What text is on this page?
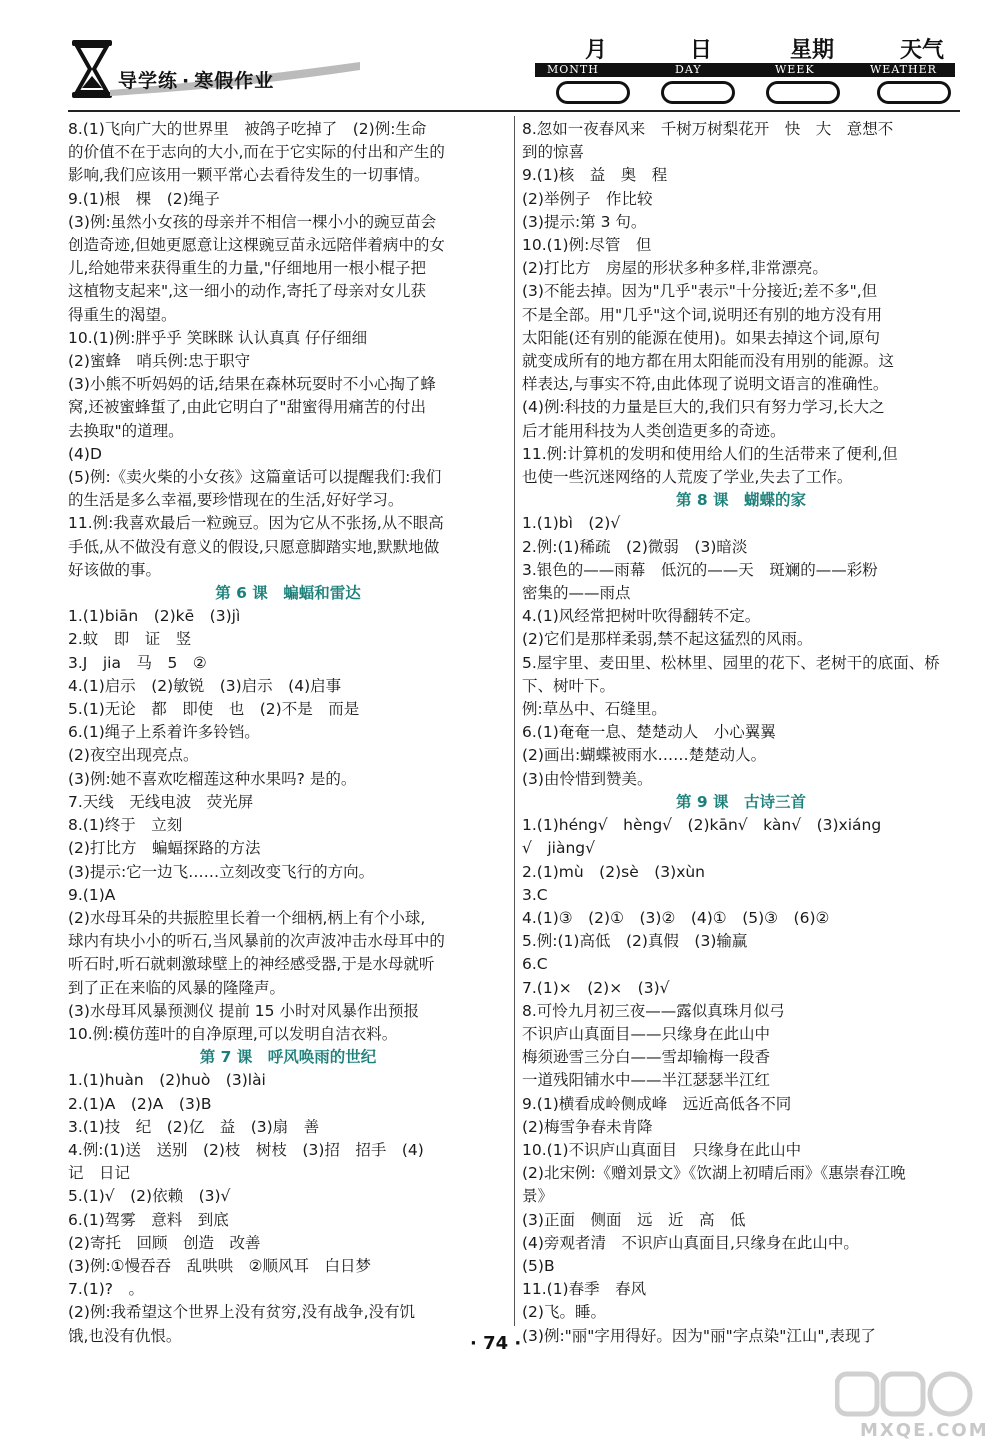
导学练 · 寒假作业
月	日	星期	天气
MONTH	DAY	WEEK	WEATHER
8.(1)飞向广大的世界里　被鸽子吃掉了　(2)例:生命
的价值不在于志向的大小,而在于它实际的付出和产生的
影响,我们应该用一颗平常心去看待发生的一切事情。
9.(1)根　棵　(2)绳子
(3)例:虽然小女孩的母亲并不相信一棵小小的豌豆苗会
创造奇迹,但她更愿意让这棵豌豆苗永远陪伴着病中的女
儿,给她带来获得重生的力量,"仔细地用一根小棍子把
这植物支起来",这一细小的动作,寄托了母亲对女儿获
得重生的渴望。
10.(1)例:胖乎乎 笑眯眯 认认真真 仔仔细细
(2)蜜蜂　哨兵例:忠于职守
(3)小熊不听妈妈的话,结果在森林玩耍时不小心掏了蜂
窝,还被蜜蜂蜇了,由此它明白了"甜蜜得用痛苦的付出
去换取"的道理。
(4)D
(5)例:《卖火柴的小女孩》这篇童话可以提醒我们:我们
的生活是多么幸福,要珍惜现在的生活,好好学习。
11.例:我喜欢最后一粒豌豆。因为它从不张扬,从不眼高
手低,从不做没有意义的假设,只愿意脚踏实地,默默地做
好该做的事。
第 6 课　蝙蝠和雷达
1.(1)biān　(2)kē　(3)jì
2.蚊　即　证　竖
3.J　jia　马　5　②
4.(1)启示　(2)敏锐　(3)启示　(4)启事
5.(1)无论　都　即使　也　(2)不是　而是
6.(1)绳子上系着许多铃铛。
(2)夜空出现亮点。
(3)例:她不喜欢吃榴莲这种水果吗? 是的。
7.天线　无线电波　荧光屏
8.(1)终于　立刻
(2)打比方　蝙蝠探路的方法
(3)提示:它一边飞……立刻改变飞行的方向。
9.(1)A
(2)水母耳朵的共振腔里长着一个细柄,柄上有个小球,
球内有块小小的听石,当风暴前的次声波冲击水母耳中的
听石时,听石就刺激球壁上的神经感受器,于是水母就听
到了正在来临的风暴的隆隆声。
(3)水母耳风暴预测仪 提前 15 小时对风暴作出预报
10.例:模仿莲叶的自净原理,可以发明自洁衣料。
第 7 课　呼风唤雨的世纪
1.(1)huàn　(2)huò　(3)lài
2.(1)A　(2)A　(3)B
3.(1)技　纪　(2)亿　益　(3)扇　善
4.例:(1)送　送别　(2)枝　树枝　(3)招　招手　(4)
记　日记
5.(1)√　(2)依赖　(3)√
6.(1)驾雾　意料　到底
(2)寄托　回顾　创造　改善
(3)例:①慢吞吞　乱哄哄　②顺风耳　白日梦
7.(1)?　。
(2)例:我希望这个世界上没有贫穷,没有战争,没有饥
饿,也没有仇恨。
8.忽如一夜春风来　千树万树梨花开　快　大　意想不
到的惊喜
9.(1)核　益　奥　程
(2)举例子　作比较
(3)提示:第 3 句。
10.(1)例:尽管　但
(2)打比方　房屋的形状多种多样,非常漂亮。
(3)不能去掉。因为"几乎"表示"十分接近;差不多",但
不是全部。用"几乎"这个词,说明还有别的地方没有用
太阳能(还有别的能源在使用)。如果去掉这个词,原句
就变成所有的地方都在用太阳能而没有用别的能源。这
样表达,与事实不符,由此体现了说明文语言的准确性。
(4)例:科技的力量是巨大的,我们只有努力学习,长大之
后才能用科技为人类创造更多的奇迹。
11.例:计算机的发明和使用给人们的生活带来了便利,但
也使一些沉迷网络的人荒废了学业,失去了工作。
第 8 课　蝴蝶的家
1.(1)bì　(2)√
2.例:(1)稀疏　(2)微弱　(3)暗淡
3.银色的——雨幕　低沉的——天　斑斓的——彩粉
密集的——雨点
4.(1)风经常把树叶吹得翻转不定。
(2)它们是那样柔弱,禁不起这猛烈的风雨。
5.屋宇里、麦田里、松林里、园里的花下、老树干的底面、桥
下、树叶下。
例:草丛中、石缝里。
6.(1)奄奄一息、楚楚动人　小心翼翼
(2)画出:蝴蝶被雨水……楚楚动人。
(3)由怜惜到赞美。
第 9 课　古诗三首
1.(1)héng√　hèng√　(2)kān√　kàn√　(3)xiáng
√　jiàng√
2.(1)mù　(2)sè　(3)xùn
3.C
4.(1)③　(2)①　(3)②　(4)①　(5)③　(6)②
5.例:(1)高低　(2)真假　(3)输赢
6.C
7.(1)×　(2)×　(3)√
8.可怜九月初三夜——露似真珠月似弓
不识庐山真面目——只缘身在此山中
梅须逊雪三分白——雪却输梅一段香
一道残阳铺水中——半江瑟瑟半江红
9.(1)横看成岭侧成峰　远近高低各不同
(2)梅雪争春未肯降
10.(1)不识庐山真面目　只缘身在此山中
(2)北宋例:《赠刘景文》《饮湖上初晴后雨》《惠崇春江晚
景》
(3)正面　侧面　远　近　高　低
(4)旁观者清　不识庐山真面目,只缘身在此山中。
(5)B
11.(1)春季　春风
(2)飞。睡。
(3)例:"丽"字用得好。因为"丽"字点染"江山",表现了
· 74 ·
MXQE.COM
